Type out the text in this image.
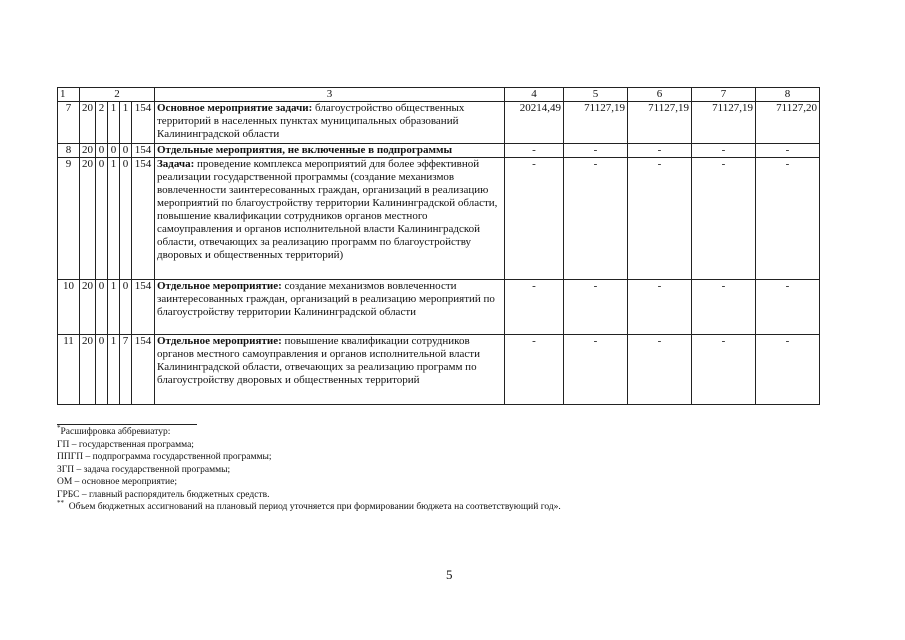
1	2					3	4	5	6	7	8
7	20	2	1	1	154	Основное мероприятие задачи: благоустройство общественных территорий в населенных пунктах муниципальных образований Калининградской области	20214,49	71127,19	71127,19	71127,19	71127,20
8	20	0	0	0	154	Отдельные мероприятия, не включенные в подпрограммы	-	-	-	-	-
9	20	0	1	0	154	Задача: проведение комплекса мероприятий для более эффективной реализации государственной программы (создание механизмов вовлеченности заинтересованных граждан, организаций в реализацию мероприятий по благоустройству территории Калининградской области, повышение квалификации сотрудников органов местного самоуправления и органов исполнительной власти Калининградской области, отвечающих за реализацию программ по благоустройству дворовых и общественных территорий)	-	-	-	-	-
10	20	0	1	0	154	Отдельное мероприятие: создание механизмов вовлеченности заинтересованных граждан, организаций в реализацию мероприятий по благоустройству территории Калининградской области	-	-	-	-	-
11	20	0	1	7	154	Отдельное мероприятие: повышение квалификации сотрудников органов местного самоуправления и органов исполнительной власти Калининградской области, отвечающих за реализацию программ по благоустройству дворовых и общественных территорий	-	-	-	-	-
*Расшифровка аббревиатур:
ГП – государственная программа;
ППГП – подпрограмма государственной программы;
ЗГП – задача государственной программы;
ОМ – основное мероприятие;
ГРБС – главный распорядитель бюджетных средств.
** Объем бюджетных ассигнований на плановый период уточняется при формировании бюджета на соответствующий год».
5
